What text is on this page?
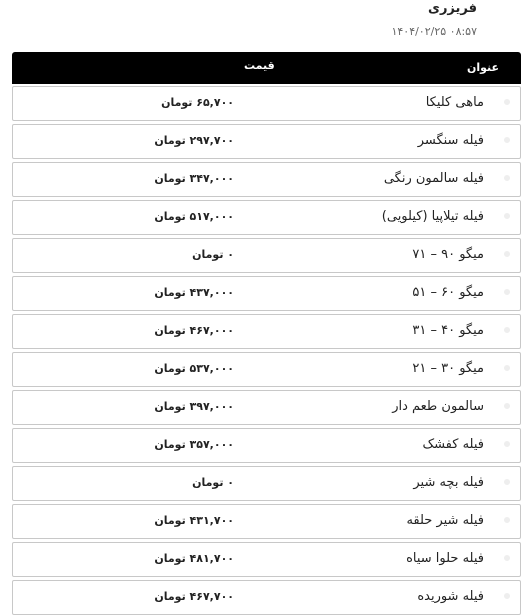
فریزری
۰۸:۵۷ ۱۴۰۴/۰۲/۲۵
عنوان
قیمت
ماهی کلیکا
۶۵,۷۰۰ تومان
فیله سنگسر
۲۹۷,۷۰۰ تومان
فیله سالمون رنگی
۳۴۷,۰۰۰ تومان
فیله تیلاپیا (کیلویی)
۵۱۷,۰۰۰ تومان
میگو ۹۰ – ۷۱
۰ تومان
میگو ۶۰ – ۵۱
۴۳۷,۰۰۰ تومان
میگو ۴۰ – ۳۱
۴۶۷,۰۰۰ تومان
میگو ۳۰ – ۲۱
۵۳۷,۰۰۰ تومان
سالمون طعم دار
۳۹۷,۰۰۰ تومان
فیله کفشک
۳۵۷,۰۰۰ تومان
فیله بچه شیر
۰ تومان
فیله شیر حلقه
۴۳۱,۷۰۰ تومان
فیله حلوا سیاه
۴۸۱,۷۰۰ تومان
فیله شوریده
۴۶۷,۷۰۰ تومان
